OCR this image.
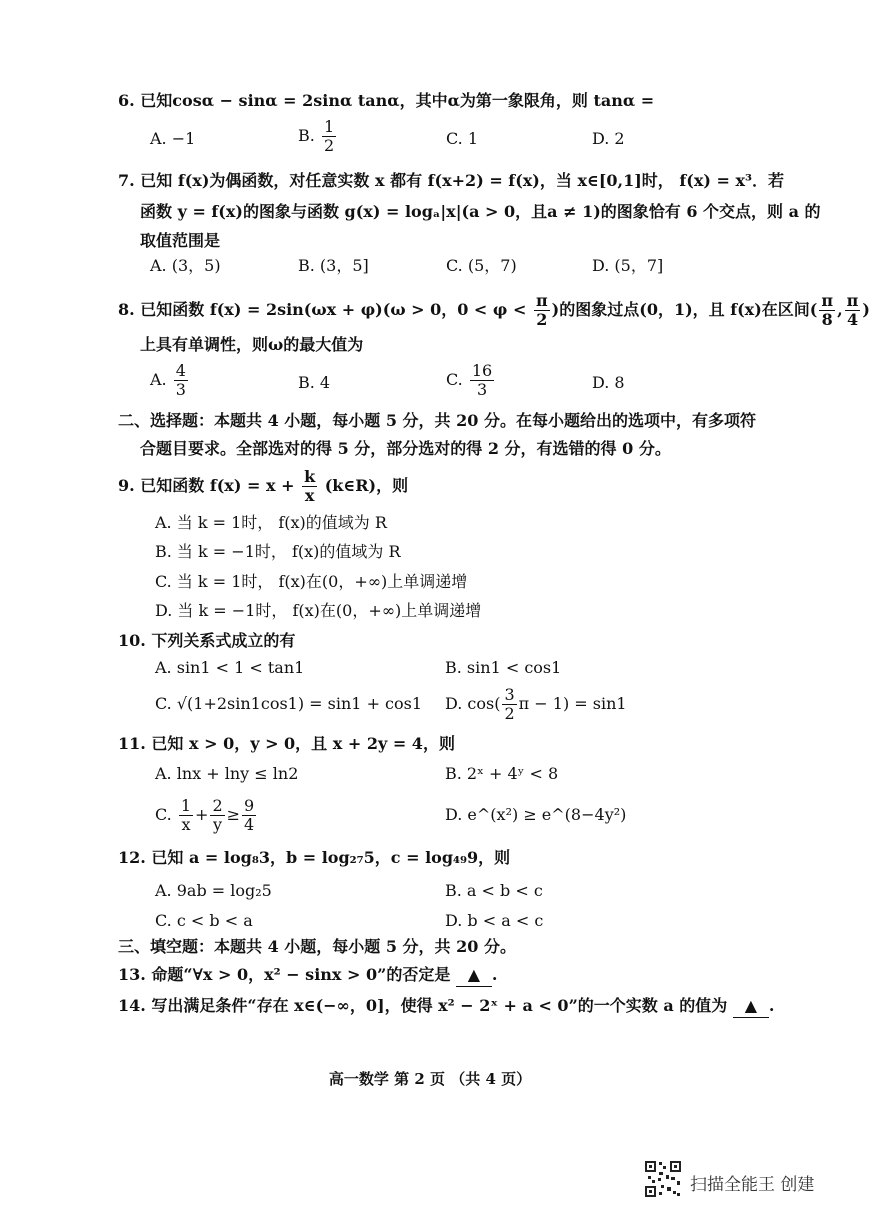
6. 已知cosα − sinα = 2sinα tanα，其中α为第一象限角，则 tanα =
A. −1	B. $\frac{1}{2}$	C. 1	D. 2
7. 已知 f(x)为偶函数，对任意实数 x 都有 f(x+2) = f(x)，当 x∈[0,1]时， f(x) = x³．若
函数 y = f(x)的图象与函数 g(x) = logₐ|x|(a > 0，且a ≠ 1)的图象恰有 6 个交点，则 a 的
取值范围是
A. (3，5)	B. (3，5]	C. (5，7)	D. (5，7]
8. 已知函数 f(x) = 2sin(ωx + φ)(ω > 0，$0 < \varphi < \frac{\pi}{2}$ )的图象过点(0，1)，且 f(x)在区间( $\frac{\pi}{8}$ , $\frac{\pi}{4}$ )
上具有单调性，则ω的最大值为
A. $\frac{4}{3}$	B. 4	C. $\frac{16}{3}$	D. 8
二、选择题：本题共 4 小题，每小题 5 分，共 20 分。在每小题给出的选项中，有多项符
合题目要求。全部选对的得 5 分，部分选对的得 2 分，有选错的得 0 分。
9. 已知函数 $f(x) = x + \frac{k}{x}$ (k∈R)，则
A. 当 k = 1时， f(x)的值域为 R
B. 当 k = −1时， f(x)的值域为 R
C. 当 k = 1时， f(x)在(0，+∞)上单调递增
D. 当 k = −1时， f(x)在(0，+∞)上单调递增
10. 下列关系式成立的有
A. sin1 < 1 < tan1	B. sin1 < cos1
C. √(1+2sin1cos1) = sin1 + cos1 D. $\cos( \frac{3}{2}$ π − 1) = sin1
11. 已知 x > 0，y > 0，且 x + 2y = 4，则
A. lnx + lny ≤ ln2	B. 2ˣ + 4ʸ < 8
C. $\frac{1}{x} + \frac{2}{y} \ge \frac{9}{4}$	D. e^(x²) ≥ e^(8−4y²)
12. 已知 a = log₈3，b = log₂₇5，c = log₄₉9，则
A. 9ab = log₂5	B. a < b < c
C. c < b < a	D. b < a < c
三、填空题：本题共 4 小题，每小题 5 分，共 20 分。
13. 命题“∀x > 0，x² − sinx > 0”的否定是 ▲ .
14. 写出满足条件“存在 x∈(−∞，0]，使得 x² − 2ˣ + a < 0”的一个实数 a 的值为 ▲ .
高一数学 第 2 页 （共 4 页）
扫描全能王 创建
